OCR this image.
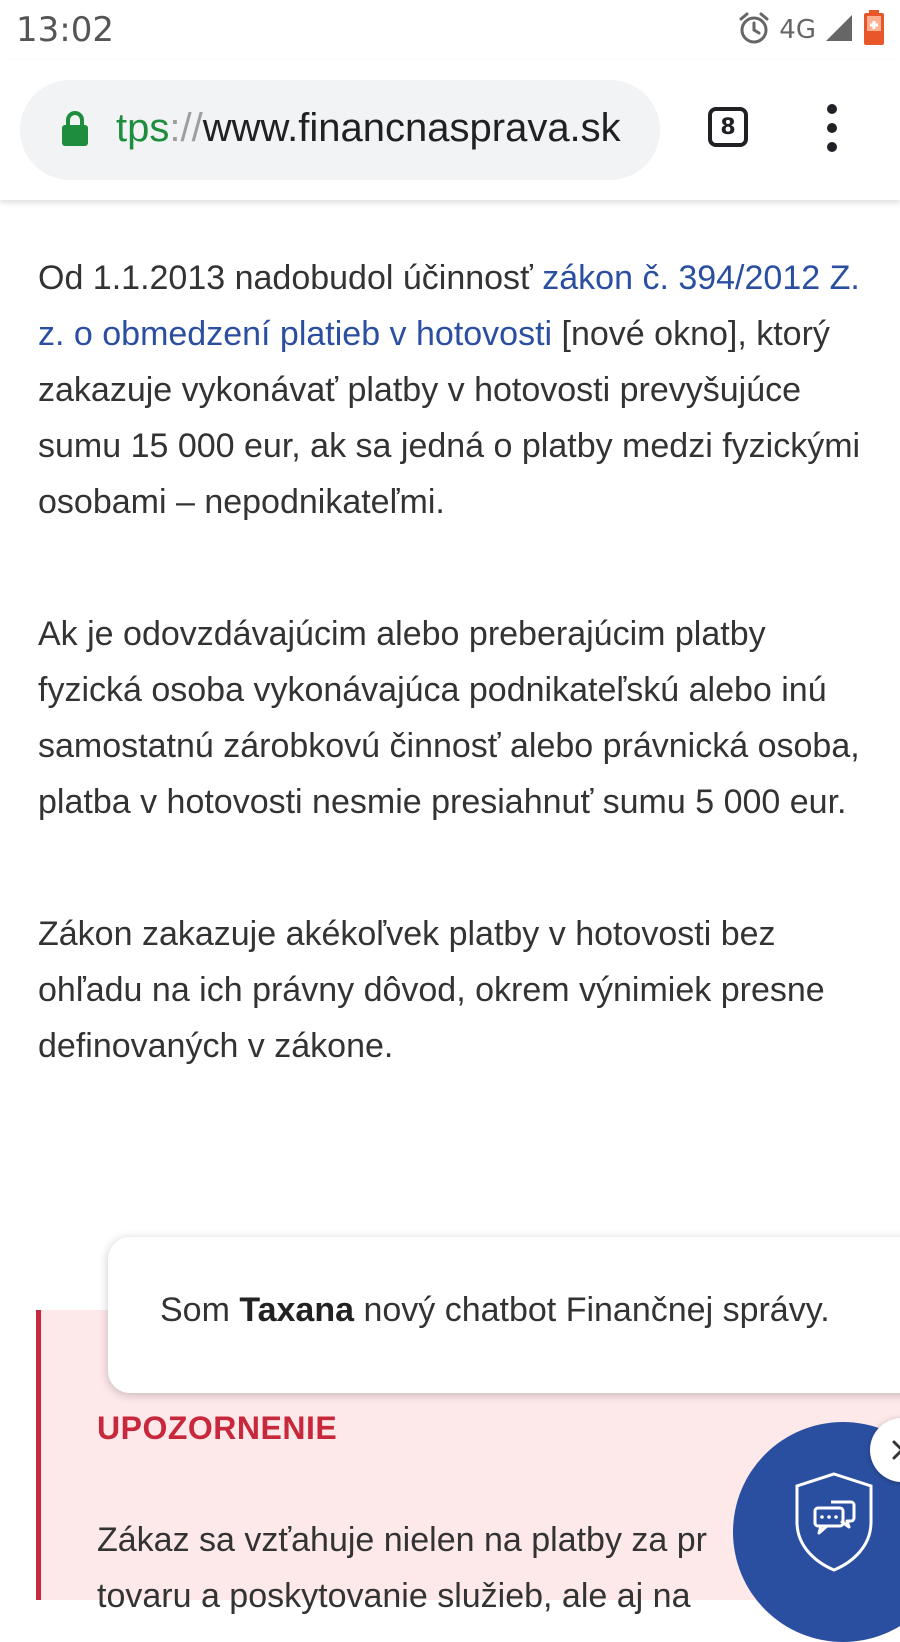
13:02	4G
tps://www.financnasprava.sk	8

Od 1.1.2013 nadobudol účinnosť zákon č. 394/2012 Z. z. o obmedzení platieb v hotovosti [nové okno], ktorý zakazuje vykonávať platby v hotovosti prevyšujúce sumu 15 000 eur, ak sa jedná o platby medzi fyzickými osobami – nepodnikateľmi.

Ak je odovzdávajúcim alebo preberajúcim platby fyzická osoba vykonávajúca podnikateľskú alebo inú samostatnú zárobkovú činnosť alebo právnická osoba, platba v hotovosti nesmie presiahnuť sumu 5 000 eur.

Zákon zakazuje akékoľvek platby v hotovosti bez ohľadu na ich právny dôvod, okrem výnimiek presne definovaných v zákone.

UPOZORNENIE
Zákaz sa vzťahuje nielen na platby za pr
tovaru a poskytovanie služieb, ale aj na
Som Taxana nový chatbot Finančnej správy.
